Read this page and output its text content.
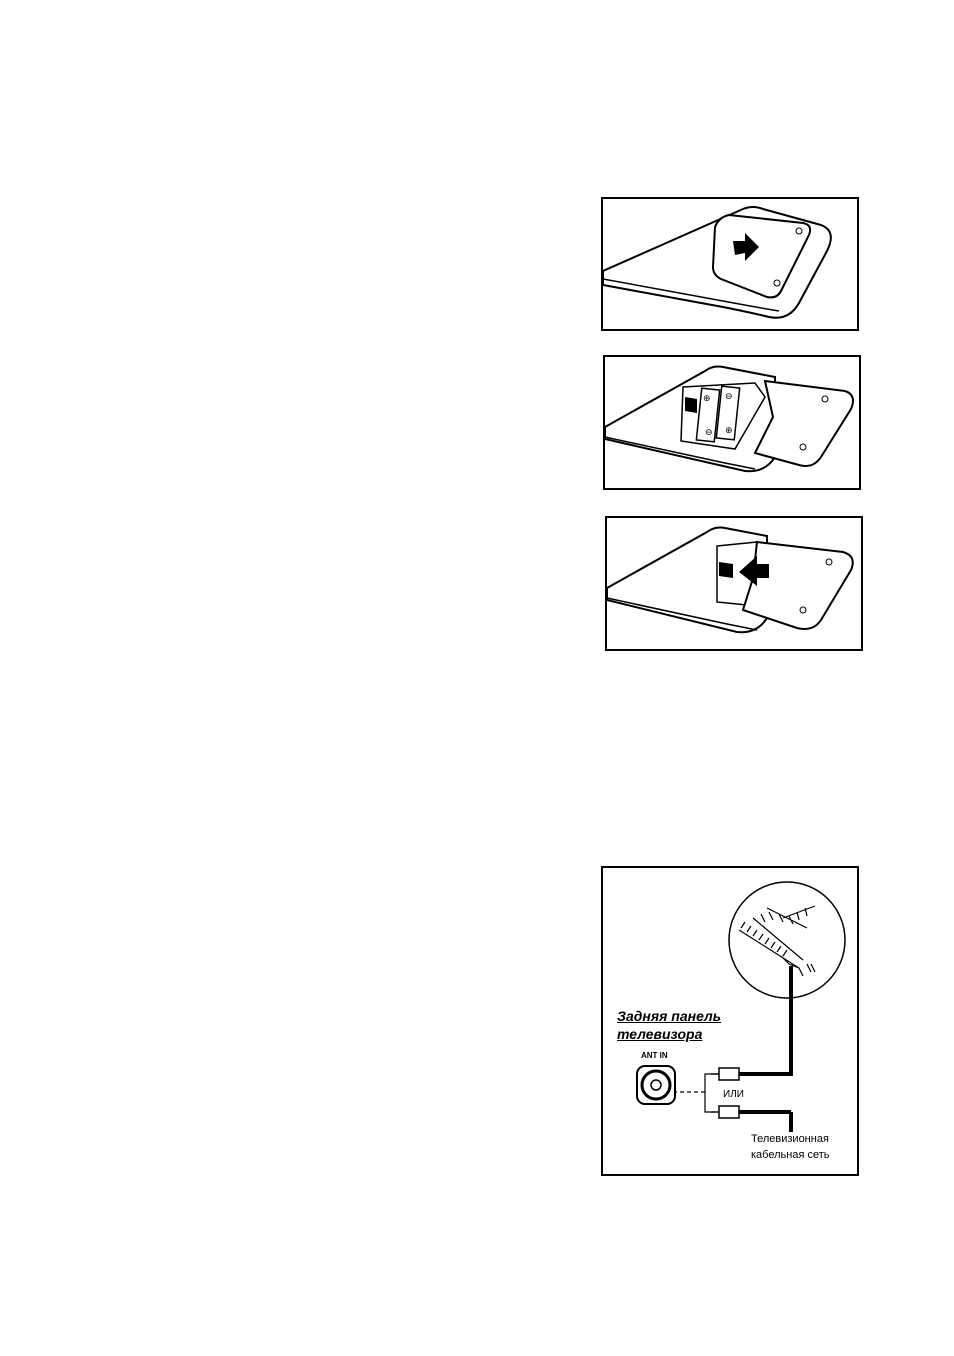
⊕ ⊖
⊖ ⊕
Задняя панель
телевизора
ANT IN
ИЛИ
Телевизионная
кабельная сеть
